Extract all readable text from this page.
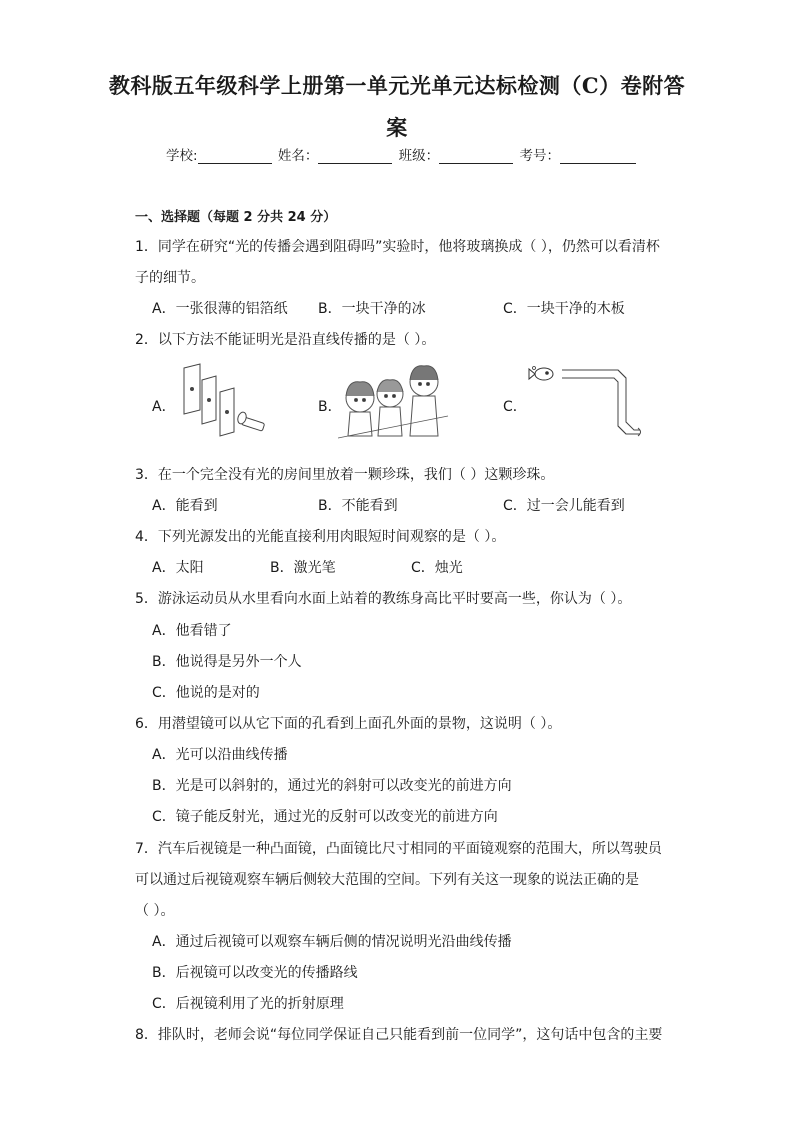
教科版五年级科学上册第一单元光单元达标检测（C）卷附答
案
学校:	姓名：	班级：	考号：
一、选择题（每题 2 分共 24 分）
1．同学在研究“光的传播会遇到阻碍吗”实验时，他将玻璃换成（ ），仍然可以看清杯
子的细节。
A．一张很薄的铝箔纸 B．一块干净的冰	C．一块干净的木板
2．以下方法不能证明光是沿直线传播的是（ ）。
A．	B．	C．
3．在一个完全没有光的房间里放着一颗珍珠，我们（ ）这颗珍珠。
A．能看到	B．不能看到	C．过一会儿能看到
4．下列光源发出的光能直接利用肉眼短时间观察的是（ ）。
A．太阳	B．激光笔	C．烛光
5．游泳运动员从水里看向水面上站着的教练身高比平时要高一些，你认为（ ）。
A．他看错了
B．他说得是另外一个人
C．他说的是对的
6．用潜望镜可以从它下面的孔看到上面孔外面的景物，这说明（ ）。
A．光可以沿曲线传播
B．光是可以斜射的，通过光的斜射可以改变光的前进方向
C．镜子能反射光，通过光的反射可以改变光的前进方向
7．汽车后视镜是一种凸面镜，凸面镜比尺寸相同的平面镜观察的范围大，所以驾驶员
可以通过后视镜观察车辆后侧较大范围的空间。下列有关这一现象的说法正确的是
（ ）。
A．通过后视镜可以观察车辆后侧的情况说明光沿曲线传播
B．后视镜可以改变光的传播路线
C．后视镜利用了光的折射原理
8．排队时，老师会说“每位同学保证自己只能看到前一位同学”，这句话中包含的主要
